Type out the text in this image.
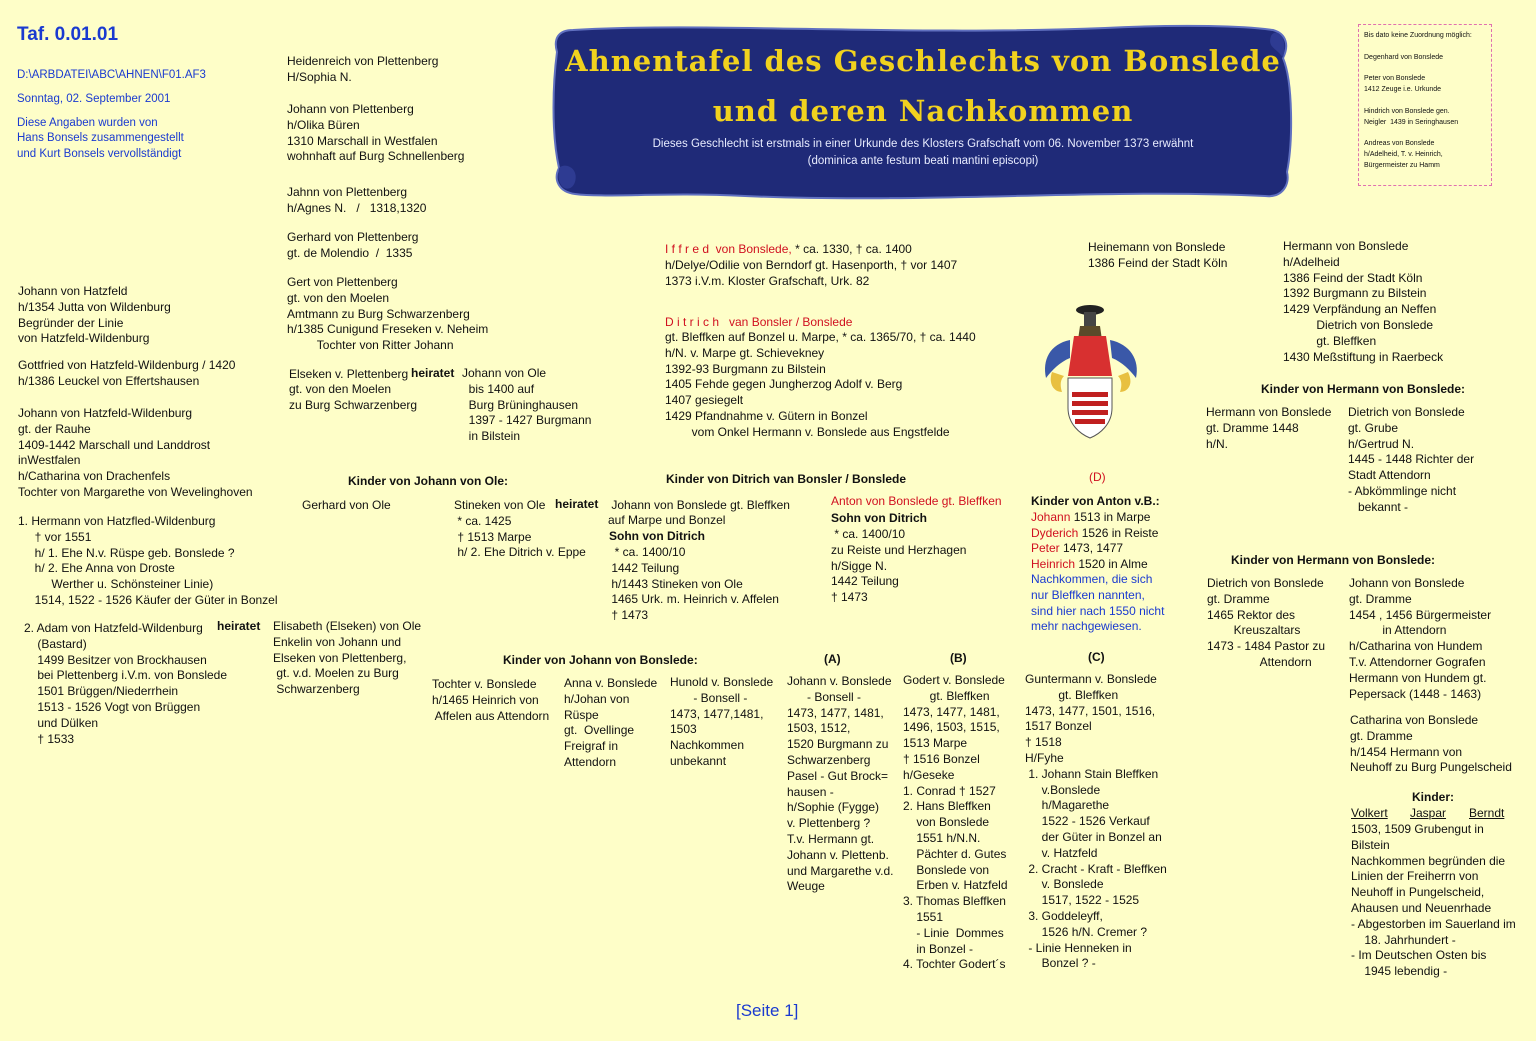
Taf. 0.01.01
D:\ARBDATEI\ABC\AHNEN\F01.AF3
Sonntag, 02. September 2001
Diese Angaben wurden von
Hans Bonsels zusammengestellt
und Kurt Bonsels vervollständigt
Ahnentafel des Geschlechts von Bonslede
und deren Nachkommen
Dieses Geschlecht ist erstmals in einer Urkunde des Klosters Grafschaft vom 06. November 1373 erwähnt
(dominica ante festum beati mantini episcopi)
Bis dato keine Zuordnung möglich:
Degenhard von Bonslede
Peter von Bonslede
1412 Zeuge i.e. Urkunde
Hindrich von Bonslede gen.
Neigler  1439 in Seringhausen
Andreas von Bonslede
h/Adelheid, T. v. Heinrich,
Bürgermeister zu Hamm
Heidenreich von Plettenberg
H/Sophia N.
Johann von Plettenberg
h/Olika Büren
1310 Marschall in Westfalen
wohnhaft auf Burg Schnellenberg
Jahnn von Plettenberg
h/Agnes N.   /   1318,1320
Gerhard von Plettenberg
gt. de Molendio  /  1335
Gert von Plettenberg
gt. von den Moelen
Amtmann zu Burg Schwarzenberg
h/1385 Cunigund Freseken v. Neheim
Tochter von Ritter Johann
Elseken v. Plettenberg heiratet
gt. von den Moelen
zu Burg Schwarzenberg
Johann von Ole
bis 1400 auf
Burg Brüninghausen
1397 - 1427 Burgmann
in Bilstein
Johann von Hatzfeld
h/1354 Jutta von Wildenburg
Begründer der Linie
von Hatzfeld-Wildenburg
Gottfried von Hatzfeld-Wildenburg / 1420
h/1386 Leuckel von Effertshausen
Johann von Hatzfeld-Wildenburg
gt. der Rauhe
1409-1442 Marschall und Landdrost
inWestfalen
h/Catharina von Drachenfels
Tochter von Margarethe von Wevelinghoven
1. Hermann von Hatzfled-Wildenburg
† vor 1551
h/ 1. Ehe N.v. Rüspe geb. Bonslede ?
h/ 2. Ehe Anna von Droste
Werther u. Schönsteiner Linie)
1514, 1522 - 1526 Käufer der Güter in Bonzel
2. Adam von Hatzfeld-Wildenburg
(Bastard)
1499 Besitzer von Brockhausen
bei Plettenberg i.V.m. von Bonslede
1501 Brüggen/Niederrhein
1513 - 1526 Vogt von Brüggen
und Dülken
† 1533
heiratet Elisabeth (Elseken) von Ole
Enkelin von Johann und
Elseken von Plettenberg,
gt. v.d. Moelen zu Burg
Schwarzenberg
I f f r e d  von Bonslede, * ca. 1330, † ca. 1400
h/Delye/Odilie von Berndorf gt. Hasenporth, † vor 1407
1373 i.V.m. Kloster Grafschaft, Urk. 82
D i t r i c h   van Bonsler / Bonslede
gt. Bleffken auf Bonzel u. Marpe, * ca. 1365/70, † ca. 1440
h/N. v. Marpe gt. Schievekney
1392-93 Burgmann zu Bilstein
1405 Fehde gegen Jungherzog Adolf v. Berg
1407 gesiegelt
1429 Pfandnahme v. Gütern in Bonzel
vom Onkel Hermann v. Bonslede aus Engstfelde
Heinemann von Bonslede
1386 Feind der Stadt Köln
Hermann von Bonslede
h/Adelheid
1386 Feind der Stadt Köln
1392 Burgmann zu Bilstein
1429 Verpfändung an Neffen
Dietrich von Bonslede
gt. Bleffken
1430 Meßstiftung in Raerbeck
Kinder von Johann von Ole:	Kinder von Ditrich van Bonsler / Bonslede
Kinder von Hermann von Bonslede:
Kinder von Hermann von Bonslede:
Gerhard von Ole	Stineken von Ole
* ca. 1425
† 1513 Marpe
h/ 2. Ehe Ditrich v. Eppe
heiratet Johann von Bonslede gt. Bleffken
auf Marpe und Bonzel
Sohn von Ditrich
* ca. 1400/10
1442 Teilung
h/1443 Stineken von Ole
1465 Urk. m. Heinrich v. Affelen
† 1473
Anton von Bonslede gt. Bleffken
Sohn von Ditrich
* ca. 1400/10
zu Reiste und Herzhagen
h/Sigge N.
1442 Teilung
† 1473
(D)
Kinder von Anton v.B.:
Johann 1513 in Marpe
Dyderich 1526 in Reiste
Peter 1473, 1477
Heinrich 1520 in Alme
Nachkommen, die sich
nur Bleffken nannten,
sind hier nach 1550 nicht
mehr nachgewiesen.
Hermann von Bonslede
gt. Dramme 1448
h/N.
Dietrich von Bonslede
gt. Grube
h/Gertrud N.
1445 - 1448 Richter der
Stadt Attendorn
- Abkömmlinge nicht
bekannt -
Dietrich von Bonslede
gt. Dramme
1465 Rektor des
Kreuszaltars
1473 - 1484 Pastor zu
Attendorn
Johann von Bonslede
gt. Dramme
1454 , 1456 Bürgermeister
in Attendorn
h/Catharina von Hundem
T.v. Attendorner Gografen
Hermann von Hundem gt.
Pepersack (1448 - 1463)
Catharina von Bonslede
gt. Dramme
h/1454 Hermann von
Neuhoff zu Burg Pungelscheid
Kinder:
Volkert Jaspar Berndt
1503, 1509 Grubengut in
Bilstein
Nachkommen begründen die
Linien der Freiherrn von
Neuhoff in Pungelscheid,
Ahausen und Neuenrhade
- Abgestorben im Sauerland im
18. Jahrhundert -
- Im Deutschen Osten bis
1945 lebendig -
Kinder von Johann von Bonslede:	(A)	(B)	(C)
Tochter v. Bonslede
h/1465 Heinrich von
Affelen aus Attendorn
Anna v. Bonslede
h/Johan von
Rüspe
gt.  Ovellinge
Freigraf in
Attendorn
Hunold v. Bonslede
- Bonsell -
1473, 1477,1481,
1503
Nachkommen
unbekannt
Johann v. Bonslede
- Bonsell -
1473, 1477, 1481,
1503, 1512,
1520 Burgmann zu
Schwarzenberg
Pasel - Gut Brock=
hausen -
h/Sophie (Fygge)
v. Plettenberg ?
T.v. Hermann gt.
Johann v. Plettenb.
und Margarethe v.d.
Weuge
Godert v. Bonslede
gt. Bleffken
1473, 1477, 1481,
1496, 1503, 1515,
1513 Marpe
† 1516 Bonzel
h/Geseke
1. Conrad † 1527
2. Hans Bleffken
von Bonslede
1551 h/N.N.
Pächter d. Gutes
Bonslede von
Erben v. Hatzfeld
3. Thomas Bleffken
1551
- Linie  Dommes
in Bonzel -
4. Tochter Godert´s
Guntermann v. Bonslede
gt. Bleffken
1473, 1477, 1501, 1516,
1517 Bonzel
† 1518
H/Fyhe
1. Johann Stain Bleffken
v.Bonslede
h/Magarethe
1522 - 1526 Verkauf
der Güter in Bonzel an
v. Hatzfeld
2. Cracht - Kraft - Bleffken
v. Bonslede
1517, 1522 - 1525
3. Goddeleyff,
1526 h/N. Cremer ?
- Linie Henneken in
Bonzel ? -
[Seite 1]
